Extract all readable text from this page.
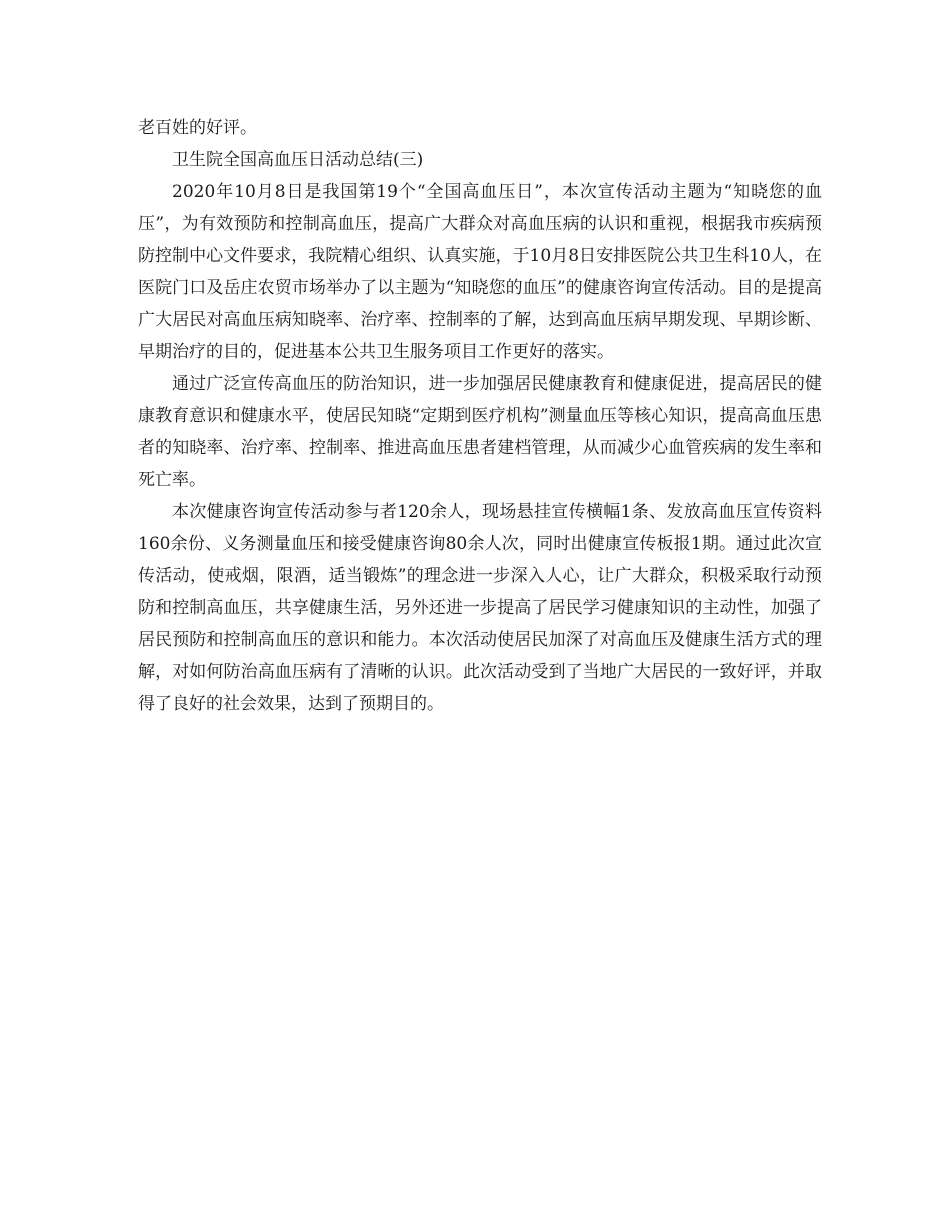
老百姓的好评。

卫生院全国高血压日活动总结(三)

2020年10月8日是我国第19个“全国高血压日”，本次宣传活动主题为“知晓您的血压”，为有效预防和控制高血压，提高广大群众对高血压病的认识和重视，根据我市疾病预防控制中心文件要求，我院精心组织、认真实施，于10月8日安排医院公共卫生科10人，在医院门口及岳庄农贸市场举办了以主题为“知晓您的血压”的健康咨询宣传活动。目的是提高广大居民对高血压病知晓率、治疗率、控制率的了解，达到高血压病早期发现、早期诊断、早期治疗的目的，促进基本公共卫生服务项目工作更好的落实。

通过广泛宣传高血压的防治知识，进一步加强居民健康教育和健康促进，提高居民的健康教育意识和健康水平，使居民知晓“定期到医疗机构”测量血压等核心知识，提高高血压患者的知晓率、治疗率、控制率、推进高血压患者建档管理，从而减少心血管疾病的发生率和死亡率。

本次健康咨询宣传活动参与者120余人，现场悬挂宣传横幅1条、发放高血压宣传资料160余份、义务测量血压和接受健康咨询80余人次，同时出健康宣传板报1期。通过此次宣传活动，使戒烟，限酒，适当锻炼”的理念进一步深入人心，让广大群众，积极采取行动预防和控制高血压，共享健康生活，另外还进一步提高了居民学习健康知识的主动性，加强了居民预防和控制高血压的意识和能力。本次活动使居民加深了对高血压及健康生活方式的理解，对如何防治高血压病有了清晰的认识。此次活动受到了当地广大居民的一致好评，并取得了良好的社会效果，达到了预期目的。
